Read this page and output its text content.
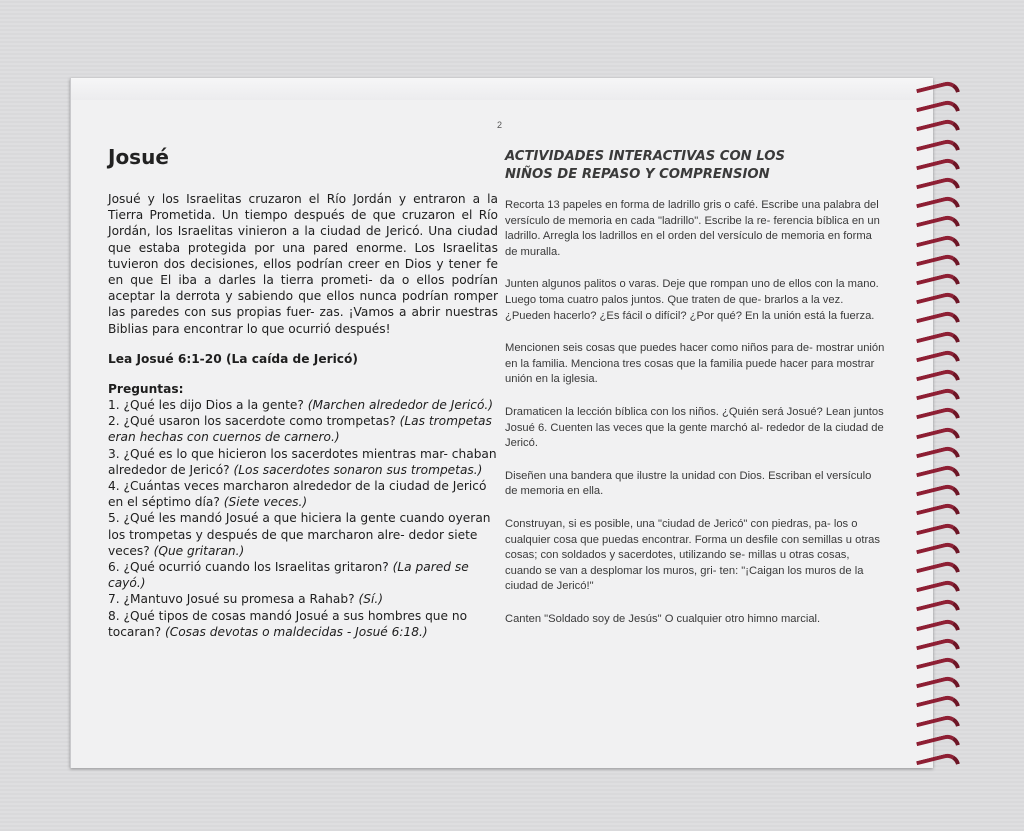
2
Josué

Josué y los Israelitas cruzaron el Río Jordán y entraron a la Tierra Prometida. Un tiempo después de que cruzaron el Río Jordán, los Israelitas vinieron a la ciudad de Jericó. Una ciudad que estaba protegida por una pared enorme. Los Israelitas tuvieron dos decisiones, ellos podrían creer en Dios y tener fe en que El iba a darles la tierra prometi- da o ellos podrían aceptar la derrota y sabiendo que ellos nunca podrían romper las paredes con sus propias fuer- zas. ¡Vamos a abrir nuestras Biblias para encontrar lo que ocurrió después!

Lea Josué 6:1-20 (La caída de Jericó)

Preguntas:

1. ¿Qué les dijo Dios a la gente? (Marchen alrededor de Jericó.)
2. ¿Qué usaron los sacerdote como trompetas? (Las trompetas eran hechas con cuernos de carnero.)
3. ¿Qué es lo que hicieron los sacerdotes mientras mar- chaban alrededor de Jericó? (Los sacerdotes sonaron sus trompetas.)
4. ¿Cuántas veces marcharon alrededor de la ciudad de Jericó en el séptimo día? (Siete veces.)
5. ¿Qué les mandó Josué a que hiciera la gente cuando oyeran los trompetas y después de que marcharon alre- dedor siete veces? (Que gritaran.)
6. ¿Qué ocurrió cuando los Israelitas gritaron? (La pared se cayó.)
7. ¿Mantuvo Josué su promesa a Rahab? (Sí.)
8. ¿Qué tipos de cosas mandó Josué a sus hombres que no tocaran? (Cosas devotas o maldecidas - Josué 6:18.)
ACTIVIDADES INTERACTIVAS CON LOS
NIÑOS DE REPASO Y COMPRENSION

Recorta 13 papeles en forma de ladrillo gris o café. Escribe una palabra del versículo de memoria en cada "ladrillo". Escribe la re- ferencia bíblica en un ladrillo. Arregla los ladrillos en el orden del versículo de memoria en forma de muralla.

Junten algunos palitos o varas. Deje que rompan uno de ellos con la mano. Luego toma cuatro palos juntos. Que traten de que- brarlos a la vez. ¿Pueden hacerlo? ¿Es fácil o difícil? ¿Por qué? En la unión está la fuerza.

Mencionen seis cosas que puedes hacer como niños para de- mostrar unión en la familia. Menciona tres cosas que la familia puede hacer para mostrar unión en la iglesia.

Dramaticen la lección bíblica con los niños. ¿Quién será Josué? Lean juntos Josué 6. Cuenten las veces que la gente marchó al- rededor de la ciudad de Jericó.

Diseñen una bandera que ilustre la unidad con Dios. Escriban el versículo de memoria en ella.

Construyan, si es posible, una "ciudad de Jericó" con piedras, pa- los o cualquier cosa que puedas encontrar. Forma un desfile con semillas u otras cosas; con soldados y sacerdotes, utilizando se- millas u otras cosas, cuando se van a desplomar los muros, gri- ten: "¡Caigan los muros de la ciudad de Jericó!"

Canten "Soldado soy de Jesús" O cualquier otro himno marcial.
